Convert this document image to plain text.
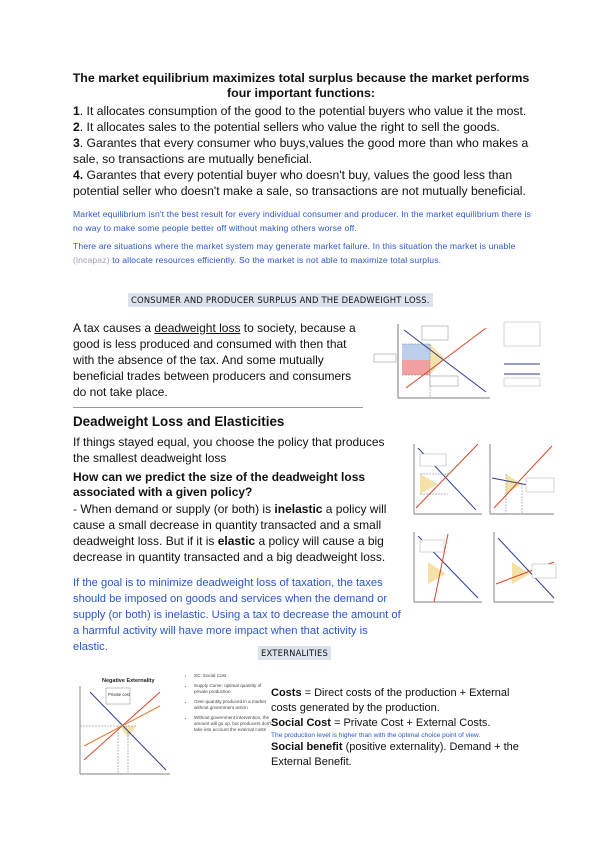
The market equilibrium maximizes total surplus because the market performs four important functions:

1. It allocates consumption of the good to the potential buyers who value it the most.

2. It allocates sales to the potential sellers who value the right to sell the goods.

3. Garantes that every consumer who buys,values the good more than who makes a sale, so transactions are mutually beneficial.

4. Garantes that every potential buyer who doesn't buy, values the good less than potential seller who doesn't make a sale, so transactions are not mutually beneficial.

Market equilibrium isn't the best result for every individual consumer and producer. In the market equilibrium there is no way to make some people better off without making others worse off.
There are situations where the market system may generate market failure. In this situation the market is unable (incapaz) to allocate resources efficiently. So the market is not able to maximize total surplus.
CONSUMER AND PRODUCER SURPLUS AND THE DEADWEIGHT LOSS.
A tax causes a deadweight loss to society, because a good is less produced and consumed with then that with the absence of the tax. And some mutually beneficial trades between producers and consumers do not take place.
Deadweight Loss and Elasticities
If things stayed equal, you choose the policy that produces the smallest deadweight loss
How can we predict the size of the deadweight loss associated with a given policy?
- When demand or supply (or both) is inelastic a policy will cause a small decrease in quantity transacted and a small deadweight loss. But if it is elastic a policy will cause a big decrease in quantity transacted and a big deadweight loss.
If the goal is to minimize deadweight loss of taxation, the taxes should be imposed on goods and services when the demand or supply (or both) is inelastic. Using a tax to decrease the amount of a harmful activity will have more impact when that activity is elastic.	EXTERNALITIES
Negative Externality
Private cost
• SC: Social Cost
• Supply Curve: optimal quantity of private production
• Over-quantity produced in a market without government action
• Without government intervention, the amount will go up, but producers don't take into account the external costs
Costs = Direct costs of the production + External costs generated by the production.
Social Cost = Private Cost + External Costs.
The production level is higher than with the optimal choice point of view.
Social benefit (positive externality). Demand + the External Benefit.
